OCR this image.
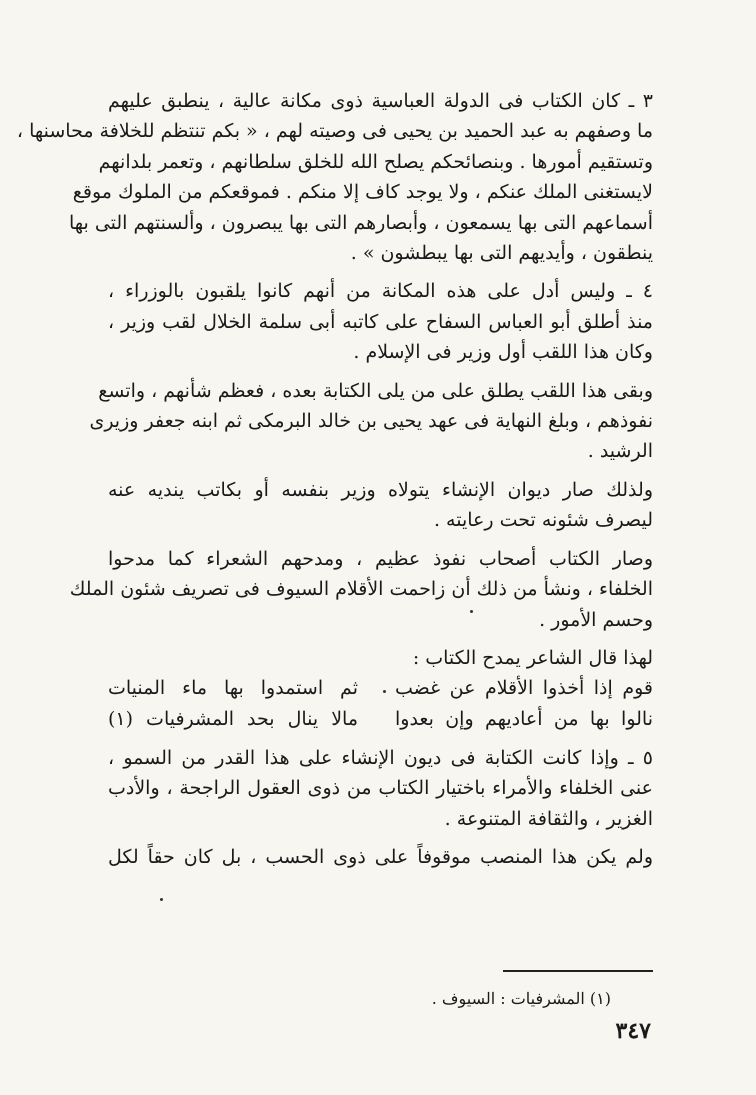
٣ ـ كان الكتاب فى الدولة العباسية ذوى مكانة عالية ، ينطبق عليهم
ما وصفهم به عبد الحميد بن يحيى فى وصيته لهم ، « بكم تنتظم للخلافة محاسنها ،
وتستقيم أمورها . وبنصائحكم يصلح الله للخلق سلطانهم ، وتعمر بلدانهم
لايستغنى الملك عنكم ، ولا يوجد كاف إلا منكم . فموقعكم من الملوك موقع
أسماعهم التى بها يسمعون ، وأبصارهم التى بها يبصرون ، وألسنتهم التى بها
ينطقون ، وأيديهم التى بها يبطشون » .
٤ ـ وليس أدل على هذه المكانة من أنهم كانوا يلقبون بالوزراء ،
منذ أطلق أبو العباس السفاح على كاتبه أبى سلمة الخلال لقب وزير ،
وكان هذا اللقب أول وزير فى الإسلام .
وبقى هذا اللقب يطلق على من يلى الكتابة بعده ، فعظم شأنهم ، واتسع
نفوذهم ، وبلغ النهاية فى عهد يحيى بن خالد البرمكى ثم ابنه جعفر وزيرى
الرشيد .
ولذلك صار ديوان الإنشاء يتولاه وزير بنفسه أو بكاتب ينديه عنه
ليصرف شئونه تحت رعايته .
وصار الكتاب أصحاب نفوذ عظيم ، ومدحهم الشعراء كما مدحوا
الخلفاء ، ونشأ من ذلك أن زاحمت الأقلام السيوف فى تصريف شئون الملك
وحسم الأمور .

لهذا قال الشاعر يمدح الكتاب :

قوم إذا أخذوا الأقلام عن غضب
ثم استمدوا بها ماء المنيات
نالوا بها من أعاديهم وإن بعدوا
مالا ينال بحد المشرفيات (١)
٥ ـ وإذا كانت الكتابة فى ديون الإنشاء على هذا القدر من السمو ،
عنى الخلفاء والأمراء باختيار الكتاب من ذوى العقول الراجحة ، والأدب
الغزير ، والثقافة المتنوعة .
ولم يكن هذا المنصب موقوفاً على ذوى الحسب ، بل كان حقاً لكل
(١) المشرفيات : السيوف .
٣٤٧
